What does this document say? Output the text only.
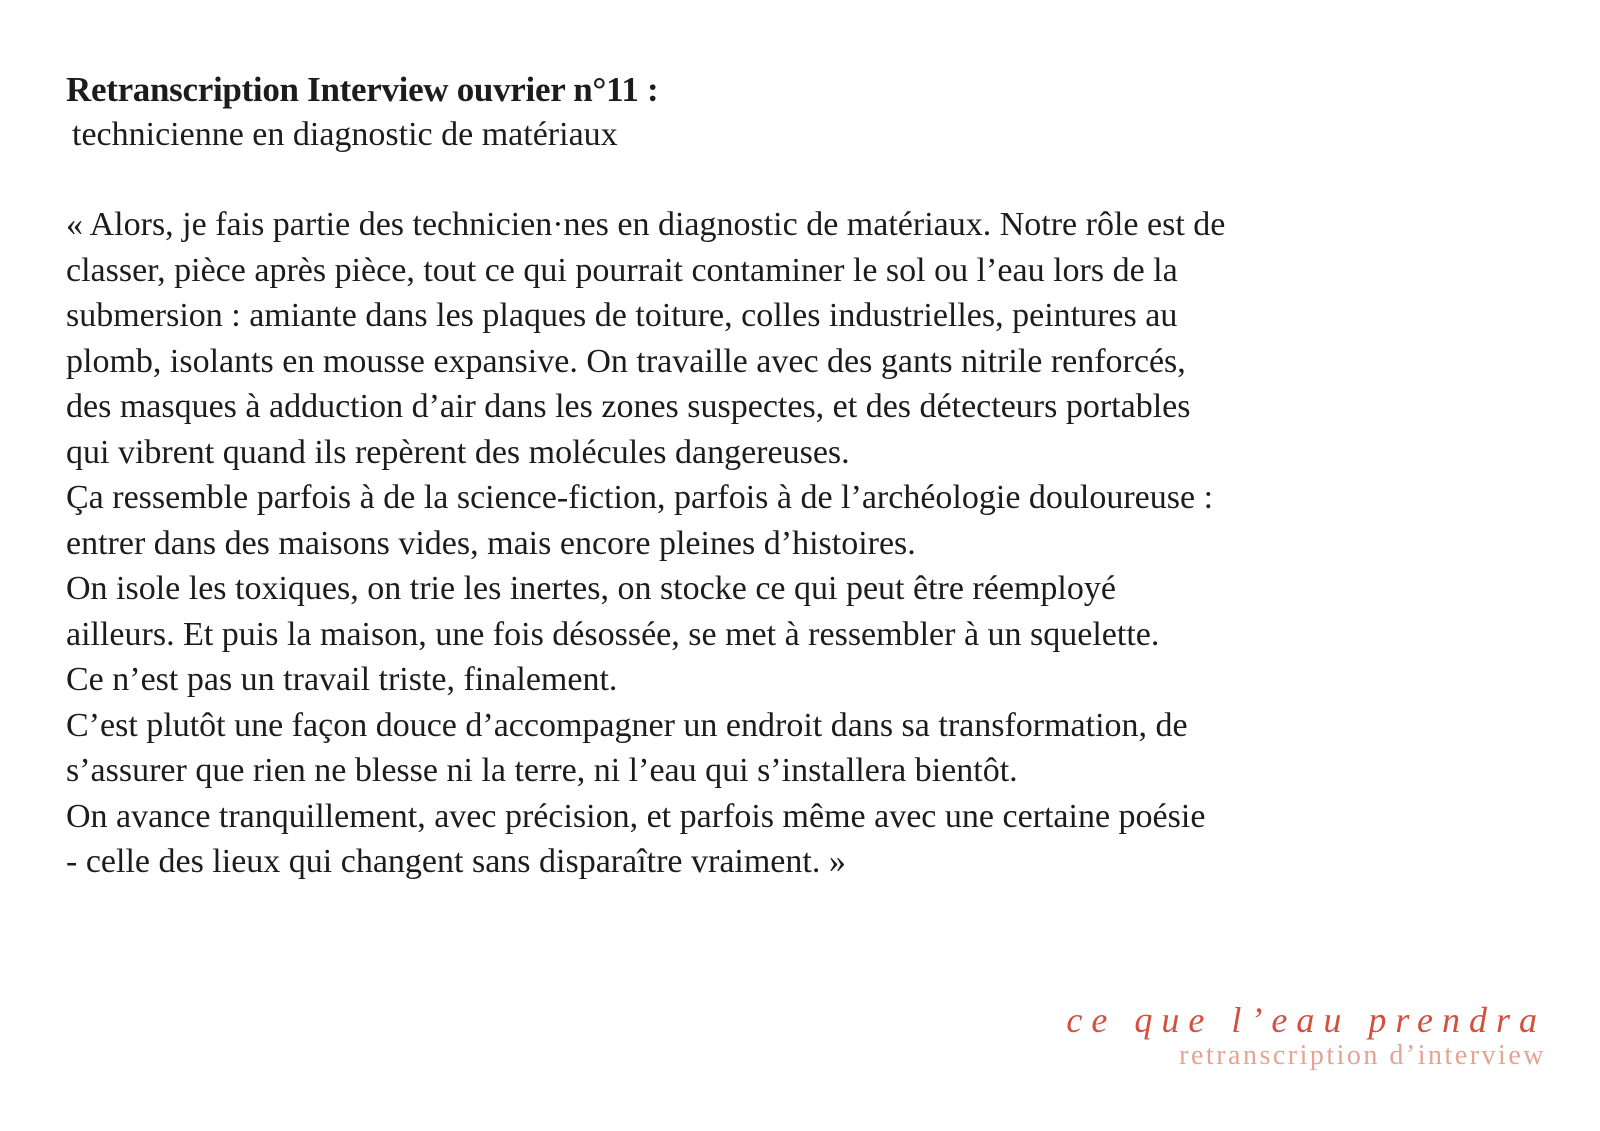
Retranscription Interview ouvrier n°11 :
technicienne en diagnostic de matériaux
« Alors, je fais partie des technicien·nes en diagnostic de matériaux. Notre rôle est de
classer, pièce après pièce, tout ce qui pourrait contaminer le sol ou l’eau lors de la
submersion : amiante dans les plaques de toiture, colles industrielles, peintures au
plomb, isolants en mousse expansive. On travaille avec des gants nitrile renforcés,
des masques à adduction d’air dans les zones suspectes, et des détecteurs portables
qui vibrent quand ils repèrent des molécules dangereuses.
Ça ressemble parfois à de la science-fiction, parfois à de l’archéologie douloureuse :
entrer dans des maisons vides, mais encore pleines d’histoires.
On isole les toxiques, on trie les inertes, on stocke ce qui peut être réemployé
ailleurs. Et puis la maison, une fois désossée, se met à ressembler à un squelette.
Ce n’est pas un travail triste, finalement.
C’est plutôt une façon douce d’accompagner un endroit dans sa transformation, de
s’assurer que rien ne blesse ni la terre, ni l’eau qui s’installera bientôt.
On avance tranquillement, avec précision, et parfois même avec une certaine poésie
- celle des lieux qui changent sans disparaître vraiment. »
ce que l’eau prendra
retranscription d’interview
